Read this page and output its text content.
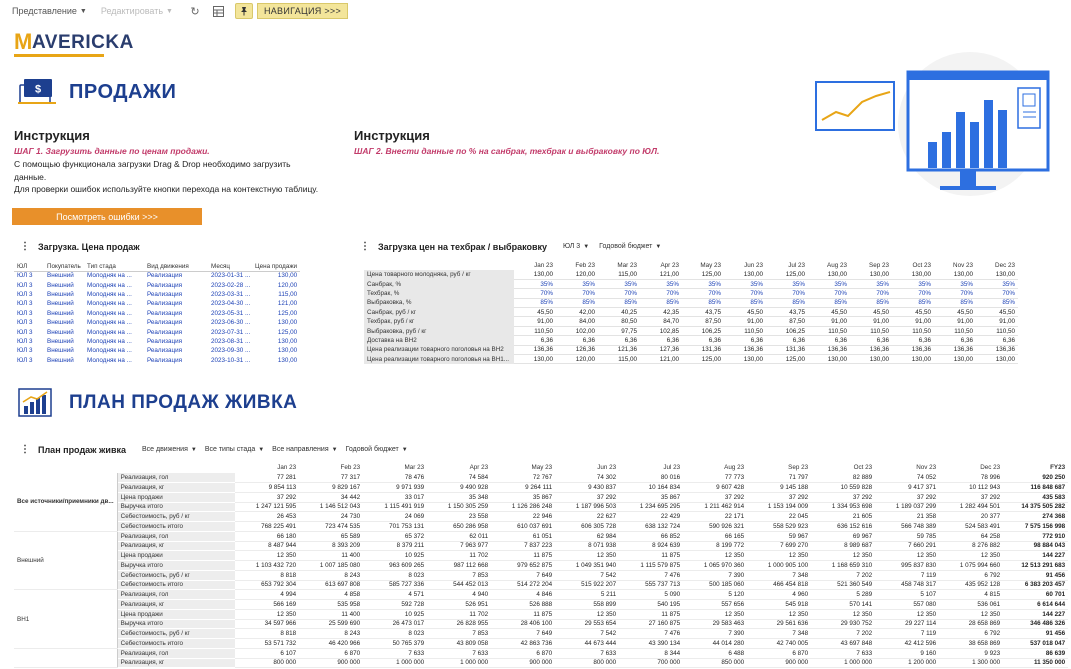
Представление ▼ Редактировать ▼	↻	НАВИГАЦИЯ >>>
M AVERICKA
$ ПРОДАЖИ
Инструкция
ШАГ 1. Загрузить данные по ценам продажи.
С помощью функционала загрузки Drag & Drop необходимо загрузить
данные.
Для проверки ошибок используйте кнопки перехода на контекстную таблицу.
Посмотреть ошибки >>>
Инструкция
ШАГ 2. Внести данные по % на санбрак, техбрак и выбраковку по ЮЛ.
⋮ Загрузка. Цена продаж
ЮЛ	Покупатель	Тип стада	Вид движения	Месяц	Цена продажи
ЮЛ 3	Внешний	Молодняк на ...	Реализация	2023-01-31 ...	130,00
ЮЛ 3	Внешний	Молодняк на ...	Реализация	2023-02-28 ...	120,00
ЮЛ 3	Внешний	Молодняк на ...	Реализация	2023-03-31 ...	115,00
ЮЛ 3	Внешний	Молодняк на ...	Реализация	2023-04-30 ...	121,00
ЮЛ 3	Внешний	Молодняк на ...	Реализация	2023-05-31 ...	125,00
ЮЛ 3	Внешний	Молодняк на ...	Реализация	2023-06-30 ...	130,00
ЮЛ 3	Внешний	Молодняк на ...	Реализация	2023-07-31 ...	125,00
ЮЛ 3	Внешний	Молодняк на ...	Реализация	2023-08-31 ...	130,00
ЮЛ 3	Внешний	Молодняк на ...	Реализация	2023-09-30 ...	130,00
ЮЛ 3	Внешний	Молодняк на ...	Реализация	2023-10-31 ...	130,00
⋮ Загрузка цен на техбрак / выбраковку ЮЛ 3 ▼ Годовой бюджет ▼
	Jan 23	Feb 23	Mar 23	Apr 23	May 23	Jun 23	Jul 23	Aug 23	Sep 23	Oct 23	Nov 23	Dec 23
Цена товарного молодняка, руб / кг	130,00	120,00	115,00	121,00	125,00	130,00	125,00	130,00	130,00	130,00	130,00	130,00
Санбрак, %	35%	35%	35%	35%	35%	35%	35%	35%	35%	35%	35%	35%
Техбрак, %	70%	70%	70%	70%	70%	70%	70%	70%	70%	70%	70%	70%
Выбраковка, %	85%	85%	85%	85%	85%	85%	85%	85%	85%	85%	85%	85%
Санбрак, руб / кг	45,50	42,00	40,25	42,35	43,75	45,50	43,75	45,50	45,50	45,50	45,50	45,50
Техбрак, руб / кг	91,00	84,00	80,50	84,70	87,50	91,00	87,50	91,00	91,00	91,00	91,00	91,00
Выбраковка, руб / кг	110,50	102,00	97,75	102,85	106,25	110,50	106,25	110,50	110,50	110,50	110,50	110,50
Доставка на ВН2	6,36	6,36	6,36	6,36	6,36	6,36	6,36	6,36	6,36	6,36	6,36	6,36
Цена реализации товарного поголовья на ВН2	136,36	126,36	121,36	127,36	131,36	136,36	131,36	136,36	136,36	136,36	136,36	136,36
Цена реализации товарного поголовья на ВН1...	130,00	120,00	115,00	121,00	125,00	130,00	125,00	130,00	130,00	130,00	130,00	130,00
ПЛАН ПРОДАЖ ЖИВКА
⋮ План продаж живка Все движения ▼ Все типы стада ▼ Все направления ▼ Годовой бюджет ▼
		Jan 23	Feb 23	Mar 23	Apr 23	May 23	Jun 23	Jul 23	Aug 23	Sep 23	Oct 23	Nov 23	Dec 23	FY23
Все источники/приемники дв...	Реализация, гол	77 281	77 317	78 476	74 584	72 767	74 302	80 016	77 773	71 797	82 889	74 052	78 996	920 250
	Реализация, кг	9 854 113	9 829 167	9 971 939	9 490 928	9 264 111	9 430 837	10 164 834	9 607 428	9 145 188	10 559 828	9 417 371	10 112 943	116 848 687
	Цена продажи	37 292	34 442	33 017	35 348	35 867	37 292	35 867	37 292	37 292	37 292	37 292	37 292	435 583
	Выручка итого	1 247 121 595	1 146 512 043	1 115 491 919	1 150 305 259	1 126 286 248	1 187 996 503	1 234 695 295	1 211 462 914	1 153 194 009	1 334 953 698	1 189 037 299	1 282 494 501	14 375 505 282
	Себестоимость, руб / кг	26 453	24 730	24 069	23 558	22 946	22 627	22 429	22 171	22 045	21 605	21 358	20 377	274 368
	Себестоимость итого	768 225 491	723 474 535	701 753 131	650 286 958	610 037 691	606 305 728	638 132 724	590 926 321	558 529 923	636 152 616	566 748 389	524 583 491	7 575 156 998
Внешний	Реализация, гол	66 180	65 589	65 372	62 011	61 051	62 984	66 852	66 165	59 967	69 967	59 785	64 258	772 910
	Реализация, кг	8 487 944	8 393 209	8 379 211	7 963 977	7 837 223	8 071 938	8 924 639	8 199 772	7 699 270	8 989 687	7 660 291	8 276 882	98 884 043
	Цена продажи	12 350	11 400	10 925	11 702	11 875	12 350	11 875	12 350	12 350	12 350	12 350	12 350	144 227
	Выручка итого	1 103 432 720	1 007 185 080	963 609 265	987 112 668	979 652 875	1 049 351 940	1 115 579 875	1 065 970 360	1 000 905 100	1 168 659 310	995 837 830	1 075 994 660	12 513 291 683
	Себестоимость, руб / кг	8 818	8 243	8 023	7 853	7 649	7 542	7 476	7 390	7 348	7 202	7 119	6 792	91 456
	Себестоимость итого	653 792 304	613 697 808	585 727 336	544 452 013	514 272 204	515 922 207	555 737 713	500 185 060	466 454 818	521 360 549	458 748 317	435 952 128	6 383 203 457
ВН1	Реализация, гол	4 994	4 858	4 571	4 940	4 846	5 211	5 090	5 120	4 960	5 289	5 107	4 815	60 701
	Реализация, кг	566 169	535 958	592 728	526 951	526 888	558 899	540 195	557 656	545 918	570 141	557 080	536 061	6 614 644
	Цена продажи	12 350	11 400	10 925	11 702	11 875	12 350	11 875	12 350	12 350	12 350	12 350	12 350	144 227
	Выручка итого	34 597 966	25 599 690	26 473 017	26 828 955	28 406 100	29 553 654	27 160 875	29 583 463	29 561 636	29 930 752	29 227 114	28 658 869	346 486 326
	Себестоимость, руб / кг	8 818	8 243	8 023	7 853	7 649	7 542	7 476	7 390	7 348	7 202	7 119	6 792	91 456
	Себестоимость итого	53 571 732	46 420 966	50 765 379	43 809 058	42 863 736	44 673 444	43 390 134	44 014 280	42 740 005	43 697 848	42 412 596	38 658 869	537 018 047
	Реализация, гол	6 107	6 870	7 633	7 633	6 870	7 633	8 344	6 488	6 870	7 633	9 160	9 923	86 639
	Реализация, кг	800 000	900 000	1 000 000	1 000 000	900 000	800 000	700 000	850 000	900 000	1 000 000	1 200 000	1 300 000	11 350 000
